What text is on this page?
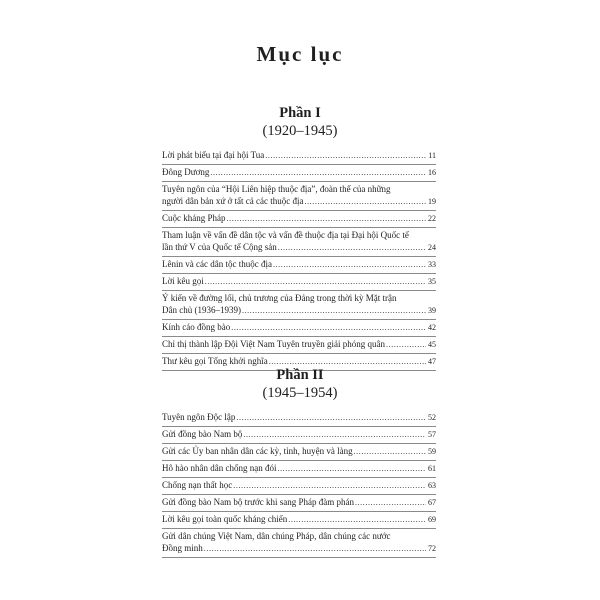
Mục lục
Phần I
(1920–1945)
Lời phát biểu tại đại hội Tua .....	11
Đông Dương .....	16
Tuyên ngôn của “Hội Liên hiệp thuộc địa”, đoàn thể của những
người dân bản xứ ở tất cả các thuộc địa .....	19
Cuộc kháng Pháp .....	22
Tham luận về vấn đề dân tộc và vấn đề thuộc địa tại Đại hội Quốc tế
lần thứ V của Quốc tế Cộng sản .....	24
Lênin và các dân tộc thuộc địa .....	33
Lời kêu gọi .....	35
Ý kiến về đường lối, chủ trương của Đảng trong thời kỳ Mặt trận
Dân chủ (1936–1939) .....	39
Kính cáo đồng bào .....	42
Chỉ thị thành lập Đội Việt Nam Tuyên truyền giải phóng quân .....	45
Thư kêu gọi Tổng khởi nghĩa .....	47
Phần II
(1945–1954)
Tuyên ngôn Độc lập .....	52
Gửi đồng bào Nam bộ .....	57
Gửi các Ủy ban nhân dân các kỳ, tỉnh, huyện và làng .....	59
Hô hào nhân dân chống nạn đói .....	61
Chống nạn thất học .....	63
Gửi đồng bào Nam bộ trước khi sang Pháp đàm phán .....	67
Lời kêu gọi toàn quốc kháng chiến .....	69
Gửi dân chúng Việt Nam, dân chúng Pháp, dân chúng các nước
Đồng minh .....	72
